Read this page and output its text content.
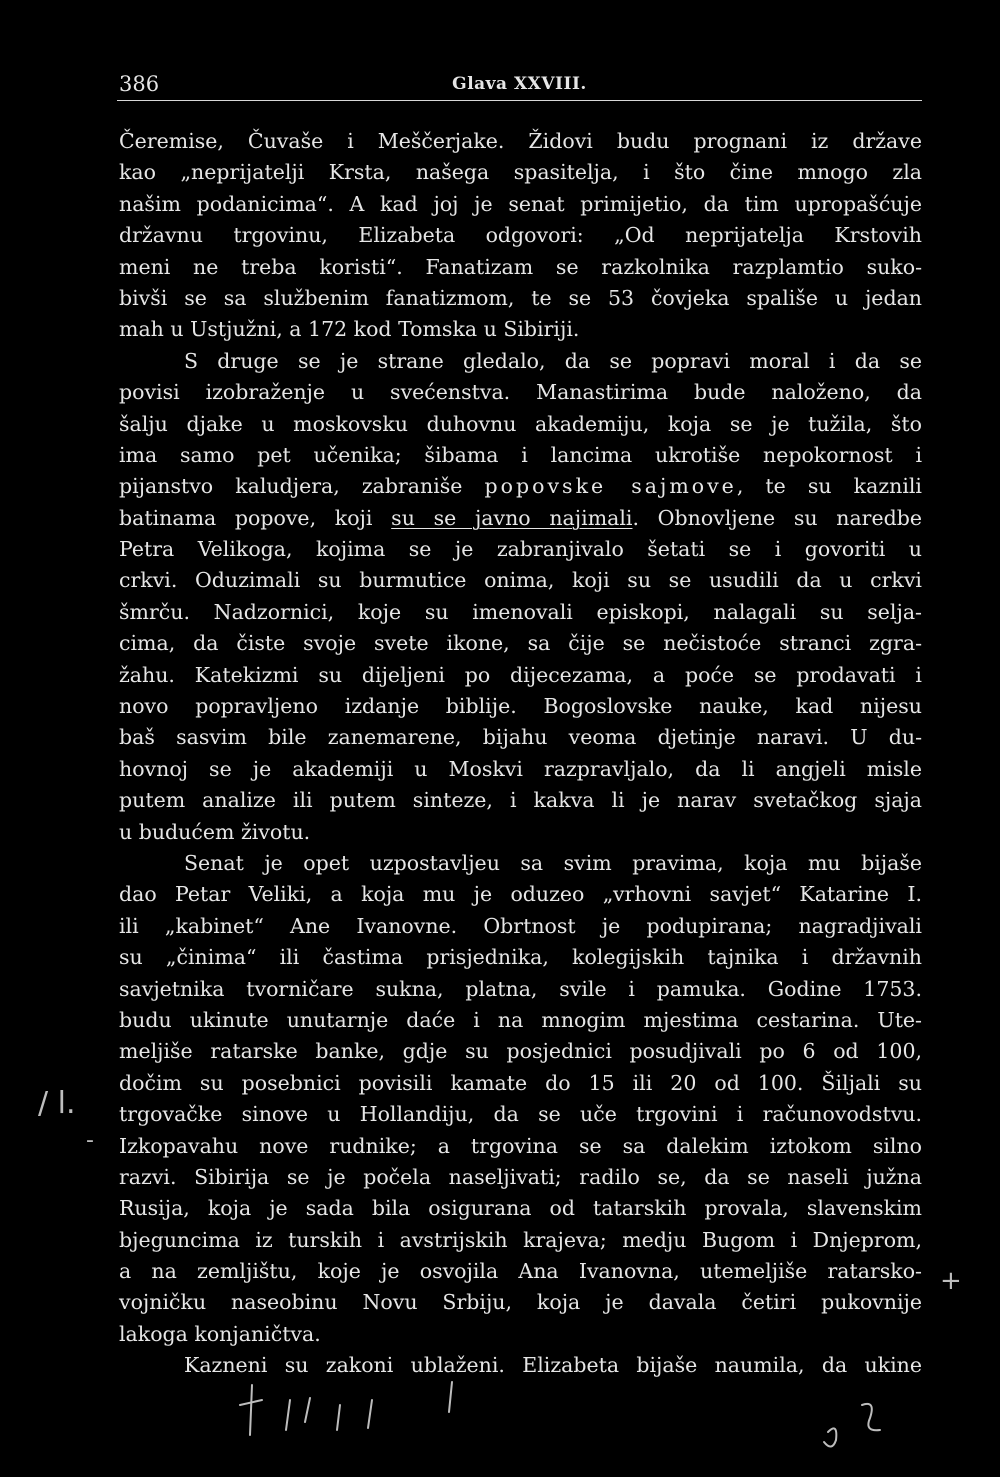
386	Glava XXVIII.
Čeremise, Čuvaše i Meščerjake. Židovi budu prognani iz države
kao „neprijatelji Krsta, našega spasitelja, i što čine mnogo zla
našim podanicima“. A kad joj je senat primijetio, da tim upropašćuje
državnu trgovinu, Elizabeta odgovori: „Od neprijatelja Krstovih
meni ne treba koristi“. Fanatizam se razkolnika razplamtio suko-
bivši se sa službenim fanatizmom, te se 53 čovjeka spališe u jedan
mah u Ustjužni, a 172 kod Tomska u Sibiriji.
S druge se je strane gledalo, da se popravi moral i da se
povisi izobraženje u svećenstva. Manastirima bude naloženo, da
šalju djake u moskovsku duhovnu akademiju, koja se je tužila, što
ima samo pet učenika; šibama i lancima ukrotiše nepokornost i
pijanstvo kaludjera, zabraniše popovske sajmove, te su kaznili
batinama popove, koji su se javno najimali. Obnovljene su naredbe
Petra Velikoga, kojima se je zabranjivalo šetati se i govoriti u
crkvi. Oduzimali su burmutice onima, koji su se usudili da u crkvi
šmrču. Nadzornici, koje su imenovali episkopi, nalagali su selja-
cima, da čiste svoje svete ikone, sa čije se nečistoće stranci zgra-
žahu. Katekizmi su dijeljeni po dijecezama, a poće se prodavati i
novo popravljeno izdanje biblije. Bogoslovske nauke, kad nijesu
baš sasvim bile zanemarene, bijahu veoma djetinje naravi. U du-
hovnoj se je akademiji u Moskvi razpravljalo, da li angjeli misle
putem analize ili putem sinteze, i kakva li je narav svetačkog sjaja
u budućem životu.
Senat je opet uzpostavljeu sa svim pravima, koja mu bijaše
dao Petar Veliki, a koja mu je oduzeo „vrhovni savjet“ Katarine I.
ili „kabinet“ Ane Ivanovne. Obrtnost je podupirana; nagradjivali
su „činima“ ili častima prisjednika, kolegijskih tajnika i državnih
savjetnika tvorničare sukna, platna, svile i pamuka. Godine 1753.
budu ukinute unutarnje daće i na mnogim mjestima cestarina. Ute-
meljiše ratarske banke, gdje su posjednici posudjivali po 6 od 100,
dočim su posebnici povisili kamate do 15 ili 20 od 100. Šiljali su
trgovačke sinove u Hollandiju, da se uče trgovini i računovodstvu.
Izkopavahu nove rudnike; a trgovina se sa dalekim iztokom silno
razvi. Sibirija se je počela naseljivati; radilo se, da se naseli južna
Rusija, koja je sada bila osigurana od tatarskih provala, slavenskim
bjeguncima iz turskih i avstrijskih krajeva; medju Bugom i Dnjeprom,
a na zemljištu, koje je osvojila Ana Ivanovna, utemeljiše ratarsko-
vojničku naseobinu Novu Srbiju, koja je davala četiri pukovnije
lakoga konjaničtva.
Kazneni su zakoni ublaženi. Elizabeta bijaše naumila, da ukine
/ l.
-
+
